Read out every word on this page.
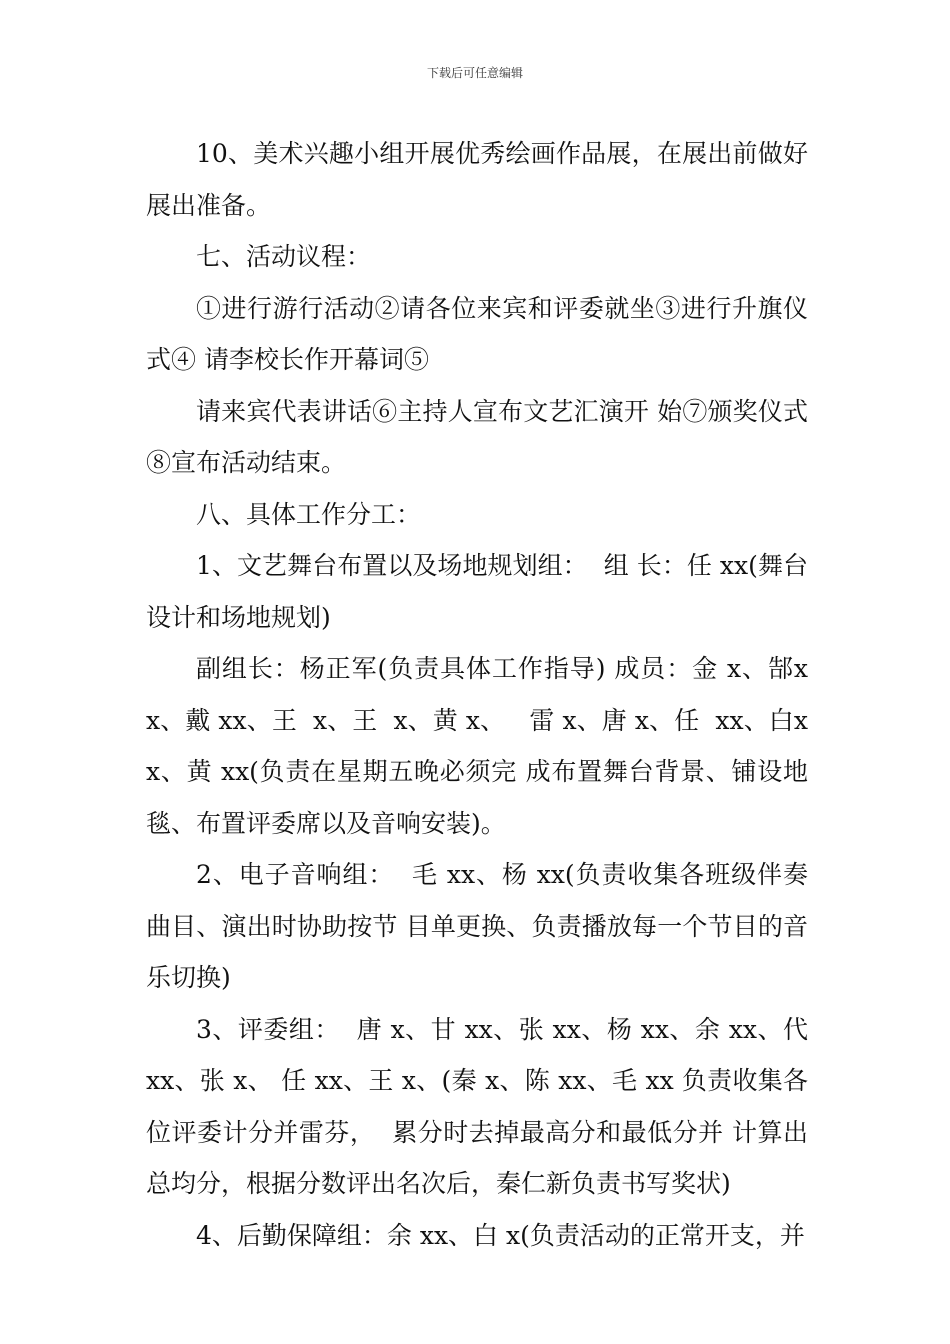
下载后可任意编辑

10、美术兴趣小组开展优秀绘画作品展，在展出前做好展出准备。

七、活动议程：

①进行游行活动②请各位来宾和评委就坐③进行升旗仪式④ 请李校长作开幕词⑤

请来宾代表讲话⑥主持人宣布文艺汇演开 始⑦颁奖仪式⑧宣布活动结束。

八、具体工作分工：

1、文艺舞台布置以及场地规划组：  组 长：任 xx(舞台设计和场地规划)

副组长：杨正军(负责具体工作指导) 成员：金 x、郜xx、戴 xx、王  x、王  x、黄 x、   雷 x、唐 x、任  xx、白xx、黄 xx(负责在星期五晚必须完 成布置舞台背景、铺设地毯、布置评委席以及音响安装)。

2、电子音响组：  毛 xx、杨 xx(负责收集各班级伴奏曲目、演出时协助按节 目单更换、负责播放每一个节目的音乐切换)

3、评委组：  唐 x、甘 xx、张 xx、杨 xx、余 xx、代xx、张 x、 任 xx、王 x、(秦 x、陈 xx、毛 xx 负责收集各位评委计分并雷芬，  累分时去掉最高分和最低分并 计算出总均分，根据分数评出名次后，秦仁新负责书写奖状)

4、后勤保障组：余 xx、白 x(负责活动的正常开支，并
